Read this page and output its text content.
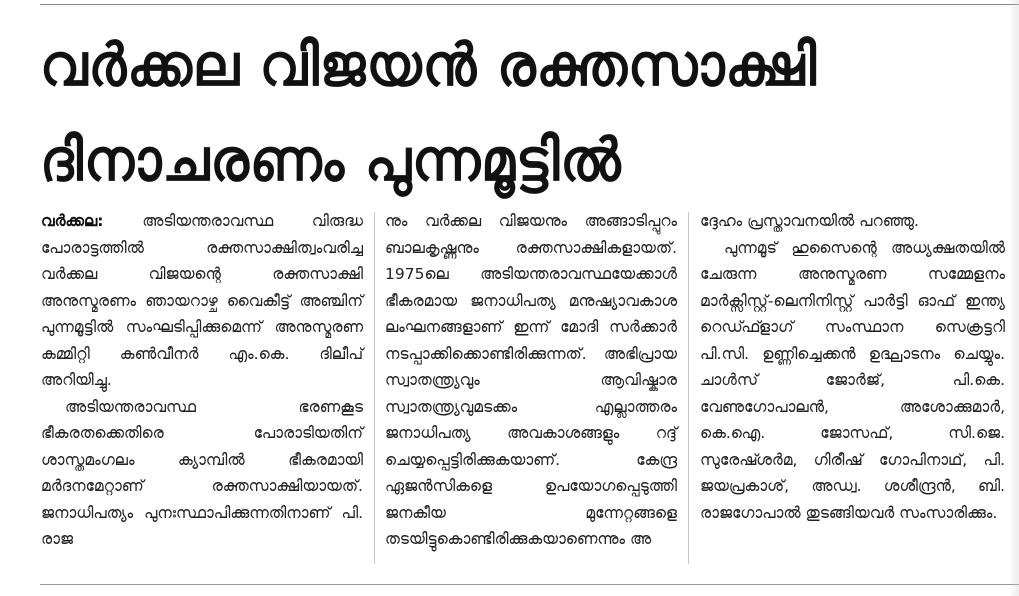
വർക്കല വിജയൻ രക്തസാക്ഷി
ദിനാചരണം പുന്നമൂട്ടിൽ

വർക്കല:	അടിയന്തരാവസ്ഥ വിരുദ്ധ പോരാട്ടത്തിൽ രക്തസാക്ഷിത്വംവരിച്ച വർക്കല വിജയന്റെ രക്തസാക്ഷി അനുസ്മരണം ഞായറാഴ്ച വൈകീട്ട് അഞ്ചിന് പുന്നമൂട്ടിൽ സംഘടിപ്പിക്കുമെന്ന് അനുസ്മരണ കമ്മിറ്റി കൺവീനർ എം.കെ. ദിലീപ് അറിയിച്ചു.

അടിയന്തരാവസ്ഥ ഭരണകൂട ഭീകരതക്കെതിരെ പോരാടിയതിന് ശാസ്തമംഗലം ക്യാമ്പിൽ ഭീകരമായി മർദനമേറ്റാണ് രക്തസാക്ഷിയായത്. ജനാധിപത്യം പുനഃസ്ഥാപിക്കുന്നതിനാണ് പി. രാജ

നും വർക്കല വിജയനും അങ്ങാടിപ്പുറം ബാലകൃഷ്ണനും രക്തസാക്ഷികളായത്. 1975ലെ അടിയന്തരാവസ്ഥയേക്കാൾ ഭീകരമായ ജനാധിപത്യ മനുഷ്യാവകാശ ലംഘനങ്ങളാണ് ഇന്ന് മോദി സർക്കാർ നടപ്പാക്കിക്കൊണ്ടിരിക്കുന്നത്. അഭിപ്രായ സ്വാതന്ത്ര്യവും ആവിഷ്കാര സ്വാതന്ത്ര്യവുമടക്കം എല്ലാത്തരം ജനാധിപത്യ അവകാശങ്ങളും റദ്ദ് ചെയ്യപ്പെട്ടിരിക്കുകയാണ്. കേന്ദ്ര ഏജൻസികളെ ഉപയോഗപ്പെടുത്തി ജനകീയ മുന്നേറ്റങ്ങളെ തടയിട്ടുകൊണ്ടിരിക്കുകയാണെന്നും അ

ദ്ദേഹം പ്രസ്താവനയിൽ പറഞ്ഞു.

പുന്നമൂട് ഹുസൈന്റെ അധ്യക്ഷതയിൽ ചേരുന്ന അനുസ്മരണ സമ്മേളനം മാർക്സിസ്റ്റ്-ലെനിനിസ്റ്റ് പാർട്ടി ഓഫ് ഇന്ത്യ റെഡ്ഫ്ളാഗ് സംസ്ഥാന സെക്രട്ടറി പി.സി. ഉണ്ണിച്ചെക്കൻ ഉദ്ഘാടനം ചെയ്യും. ചാൾസ് ജോർജ്, പി.കെ. വേണുഗോപാലൻ, അശോക്കുമാർ, കെ.ഐ. ജോസഫ്, സി.ജെ. സുരേഷ്ശർമ, ഗിരീഷ് ഗോപിനാഥ്, പി. ജയപ്രകാശ്, അഡ്വ. ശശീന്ദ്രൻ, ബി. രാജഗോപാൽ തുടങ്ങിയവർ സംസാരിക്കും.
